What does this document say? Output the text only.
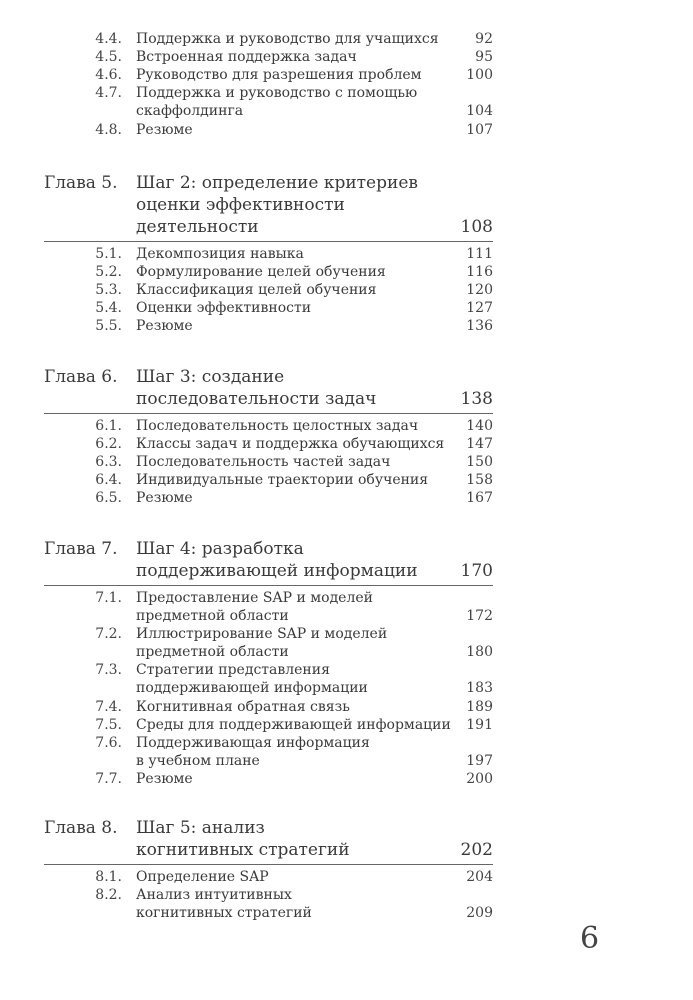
4.4. Поддержка и руководство для учащихся	92
4.5. Встроенная поддержка задач	95
4.6. Руководство для разрешения проблем	100
4.7. Поддержка и руководство с помощью
скаффолдинга	104
4.8. Резюме	107
Глава 5. Шаг 2: определение критериев
оценки эффективности
деятельности	108
5.1. Декомпозиция навыка	111
5.2. Формулирование целей обучения	116
5.3. Классификация целей обучения	120
5.4. Оценки эффективности	127
5.5. Резюме	136
Глава 6. Шаг 3: создание
последовательности задач	138
6.1. Последовательность целостных задач	140
6.2. Классы задач и поддержка обучающихся	147
6.3. Последовательность частей задач	150
6.4. Индивидуальные траектории обучения	158
6.5. Резюме	167
Глава 7. Шаг 4: разработка
поддерживающей информации	170
7.1. Предоставление SAP и моделей
предметной области	172
7.2. Иллюстрирование SAP и моделей
предметной области	180
7.3. Стратегии представления
поддерживающей информации	183
7.4. Когнитивная обратная связь	189
7.5. Среды для поддерживающей информации	191
7.6. Поддерживающая информация
в учебном плане	197
7.7. Резюме	200
Глава 8. Шаг 5: анализ
когнитивных стратегий	202
8.1. Определение SAP	204
8.2. Анализ интуитивных
когнитивных стратегий	209
6
